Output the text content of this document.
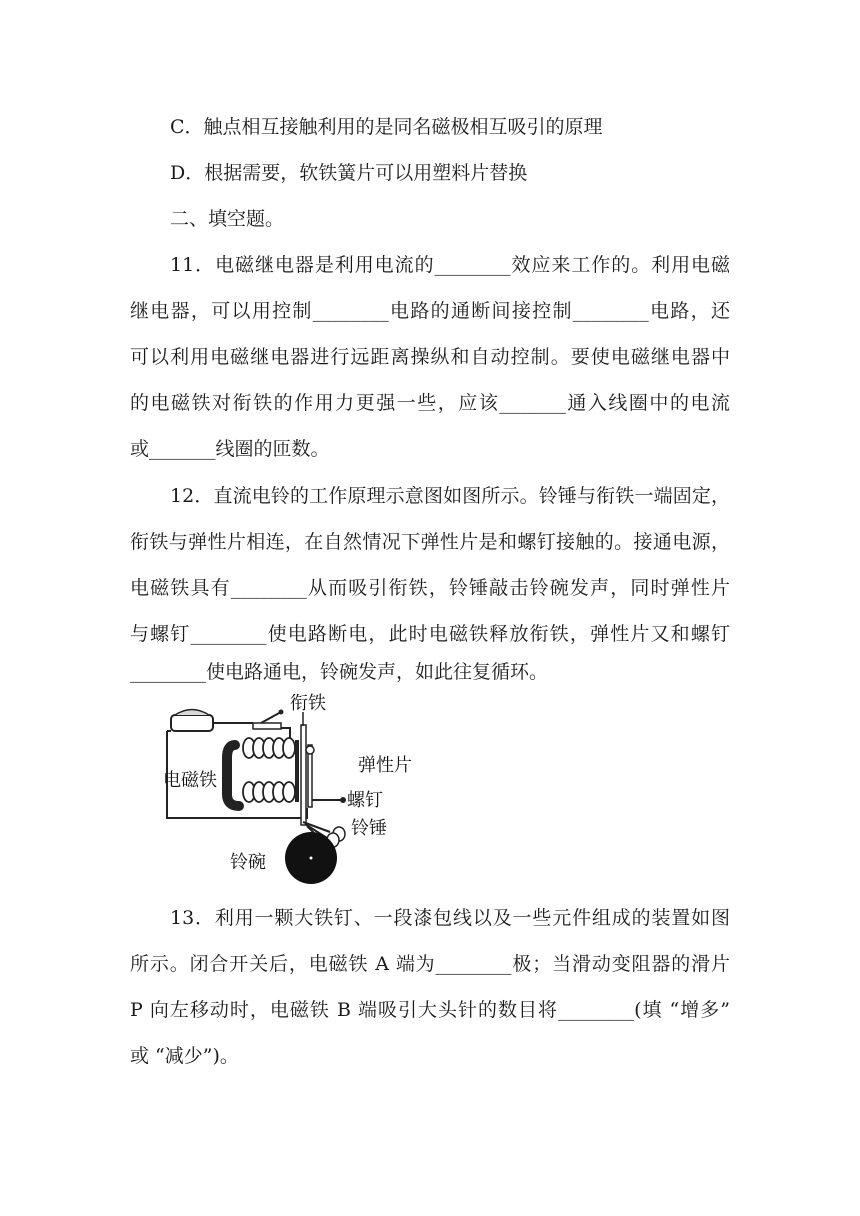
C．触点相互接触利用的是同名磁极相互吸引的原理
D．根据需要，软铁簧片可以用塑料片替换
二、填空题。
11．电磁继电器是利用电流的________效应来工作的。利用电磁
继电器，可以用控制________电路的通断间接控制________电路，还
可以利用电磁继电器进行远距离操纵和自动控制。要使电磁继电器中
的电磁铁对衔铁的作用力更强一些，应该_______通入线圈中的电流
或_______线圈的匝数。
12．直流电铃的工作原理示意图如图所示。铃锤与衔铁一端固定，
衔铁与弹性片相连，在自然情况下弹性片是和螺钉接触的。接通电源，
电磁铁具有________从而吸引衔铁，铃锤敲击铃碗发声，同时弹性片
与螺钉________使电路断电，此时电磁铁释放衔铁，弹性片又和螺钉
________使电路通电，铃碗发声，如此往复循环。
衔铁
弹性片
电磁铁
螺钉
铃锤
铃碗
13．利用一颗大铁钉、一段漆包线以及一些元件组成的装置如图
所示。闭合开关后，电磁铁 A 端为________极；当滑动变阻器的滑片
P 向左移动时，电磁铁 B 端吸引大头针的数目将________(填 “增多”
或 “减少”)。
